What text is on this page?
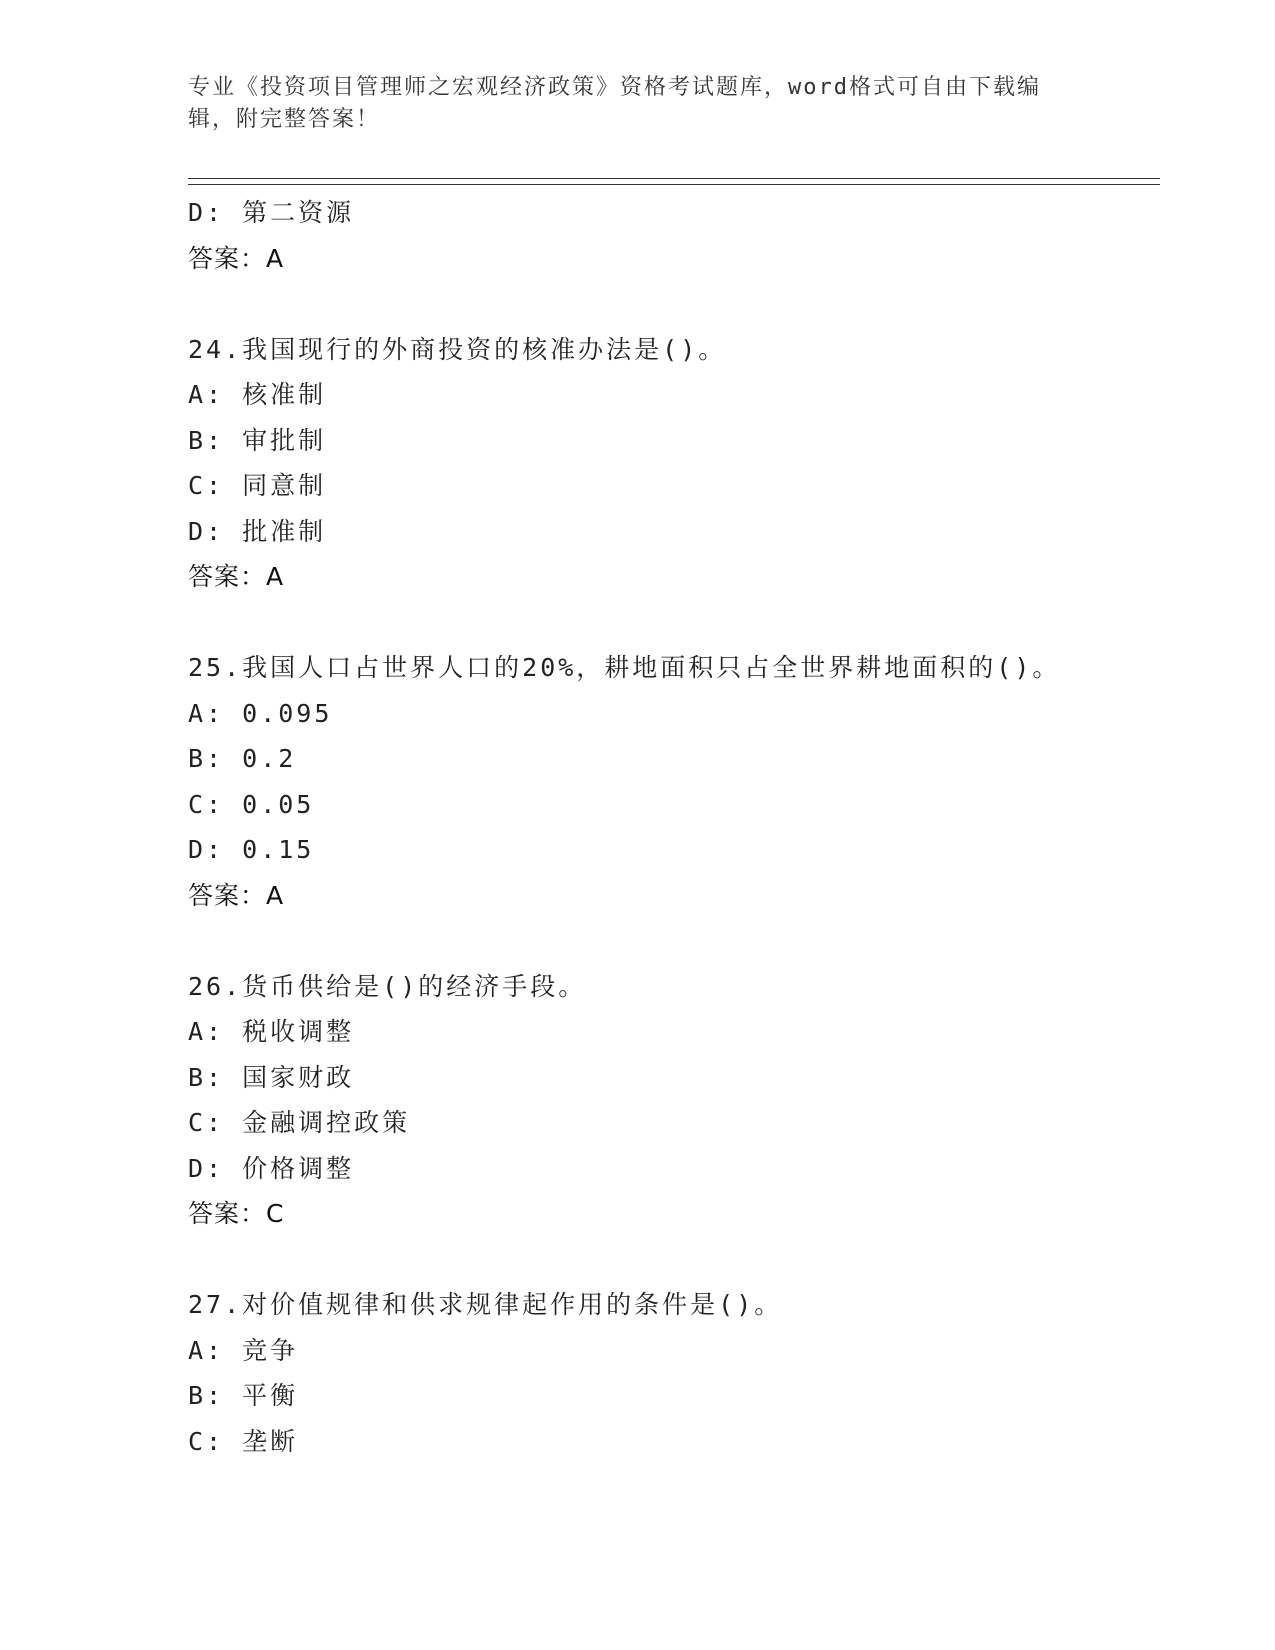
专业《投资项目管理师之宏观经济政策》资格考试题库，word格式可自由下载编辑，附完整答案！
D: 第二资源
答案：A
24.我国现行的外商投资的核准办法是()。
A: 核准制
B: 审批制
C: 同意制
D: 批准制
答案：A
25.我国人口占世界人口的20%，耕地面积只占全世界耕地面积的()。
A: 0.095
B: 0.2
C: 0.05
D: 0.15
答案：A
26.货币供给是()的经济手段。
A: 税收调整
B: 国家财政
C: 金融调控政策
D: 价格调整
答案：C
27.对价值规律和供求规律起作用的条件是()。
A: 竞争
B: 平衡
C: 垄断
